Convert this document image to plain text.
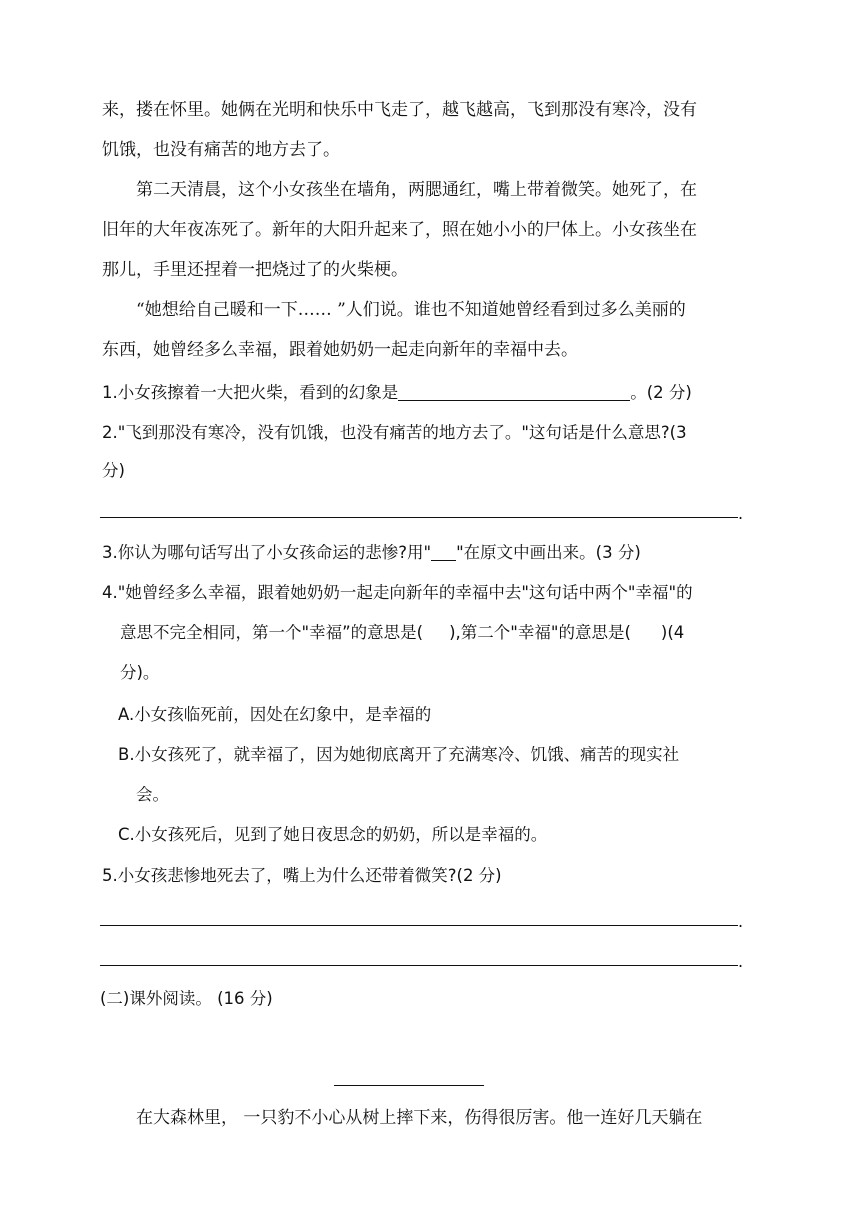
来，搂在怀里。她俩在光明和快乐中飞走了，越飞越高，飞到那没有寒冷，没有
饥饿，也没有痛苦的地方去了。
第二天清晨，这个小女孩坐在墙角，两腮通红，嘴上带着微笑。她死了，在
旧年的大年夜冻死了。新年的大阳升起来了，照在她小小的尸体上。小女孩坐在
那儿，手里还捏着一把烧过了的火柴梗。
“她想给自己暖和一下…… ”人们说。谁也不知道她曾经看到过多么美丽的
东西，她曾经多么幸福，跟着她奶奶一起走向新年的幸福中去。
1.小女孩擦着一大把火柴，看到的幻象是	。(2 分)
2."飞到那没有寒冷，没有饥饿，也没有痛苦的地方去了。"这句话是什么意思?(3
分)
.
3.你认为哪句话写出了小女孩命运的悲惨?用" "在原文中画出来。(3 分)
4."她曾经多么幸福，跟着她奶奶一起走向新年的幸福中去"这句话中两个"幸福"的
意思不完全相同，第一个"幸福”的意思是( ),第二个"幸福"的意思是( )(4
分)。
A.小女孩临死前，因处在幻象中，是幸福的
B.小女孩死了，就幸福了，因为她彻底离开了充满寒冷、饥饿、痛苦的现实社
会。
C.小女孩死后，见到了她日夜思念的奶奶，所以是幸福的。
5.小女孩悲惨地死去了，嘴上为什么还带着微笑?(2 分)
.
.
(二)课外阅读。 (16 分)
在大森林里， 一只豹不小心从树上摔下来，伤得很厉害。他一连好几天躺在
